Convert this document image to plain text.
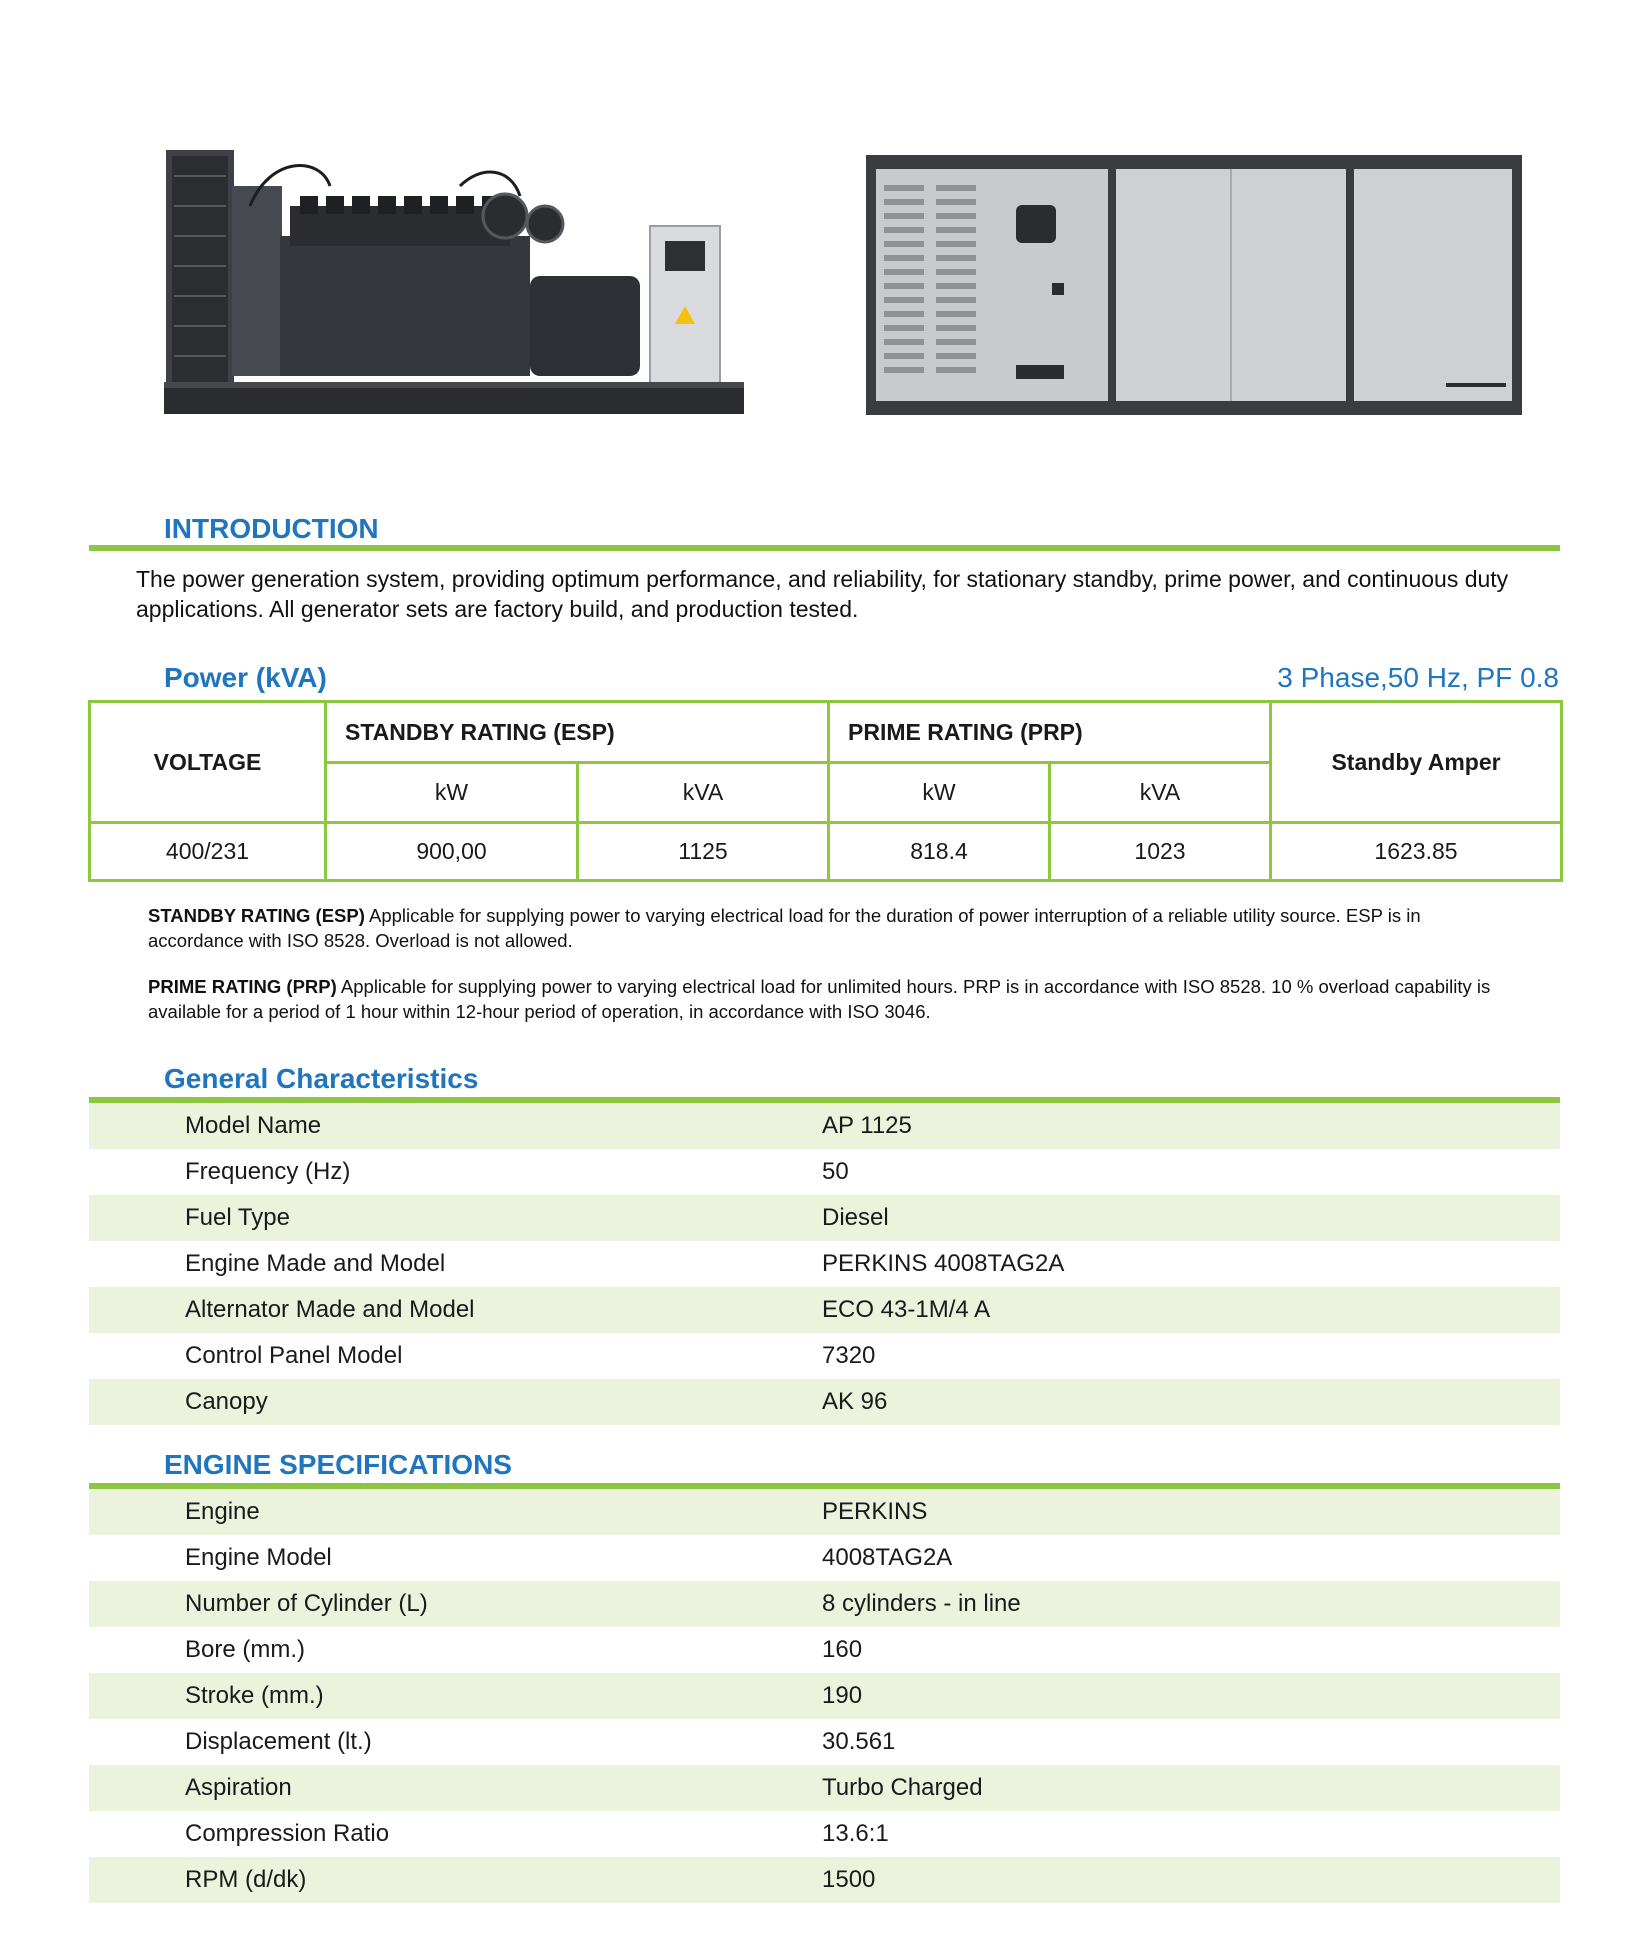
INTRODUCTION
The power generation system, providing optimum performance, and reliability, for stationary standby, prime power, and continuous duty applications. All generator sets are factory build, and production tested.
Power (kVA)	3 Phase,50 Hz, PF 0.8
VOLTAGE	STANDBY RATING (ESP)		PRIME RATING (PRP)		Standby Amper
	kW	kVA	kW	kVA	
400/231	900,00	1125	818.4	1023	1623.85
STANDBY RATING (ESP) Applicable for supplying power to varying electrical load for the duration of power interruption of a reliable utility source. ESP is in accordance with ISO 8528. Overload is not allowed.
PRIME RATING (PRP) Applicable for supplying power to varying electrical load for unlimited hours. PRP is in accordance with ISO 8528. 10 % overload capability is available for a period of 1 hour within 12-hour period of operation, in accordance with ISO 3046.
General Characteristics
Model Name	AP 1125
Frequency (Hz)	50
Fuel Type	Diesel
Engine Made and Model	PERKINS 4008TAG2A
Alternator Made and Model	ECO 43-1M/4 A
Control Panel Model	7320
Canopy	AK 96
ENGINE SPECIFICATIONS
Engine	PERKINS
Engine Model	4008TAG2A
Number of Cylinder (L)	8 cylinders - in line
Bore (mm.)	160
Stroke (mm.)	190
Displacement (lt.)	30.561
Aspiration	Turbo Charged
Compression Ratio	13.6:1
RPM (d/dk)	1500
